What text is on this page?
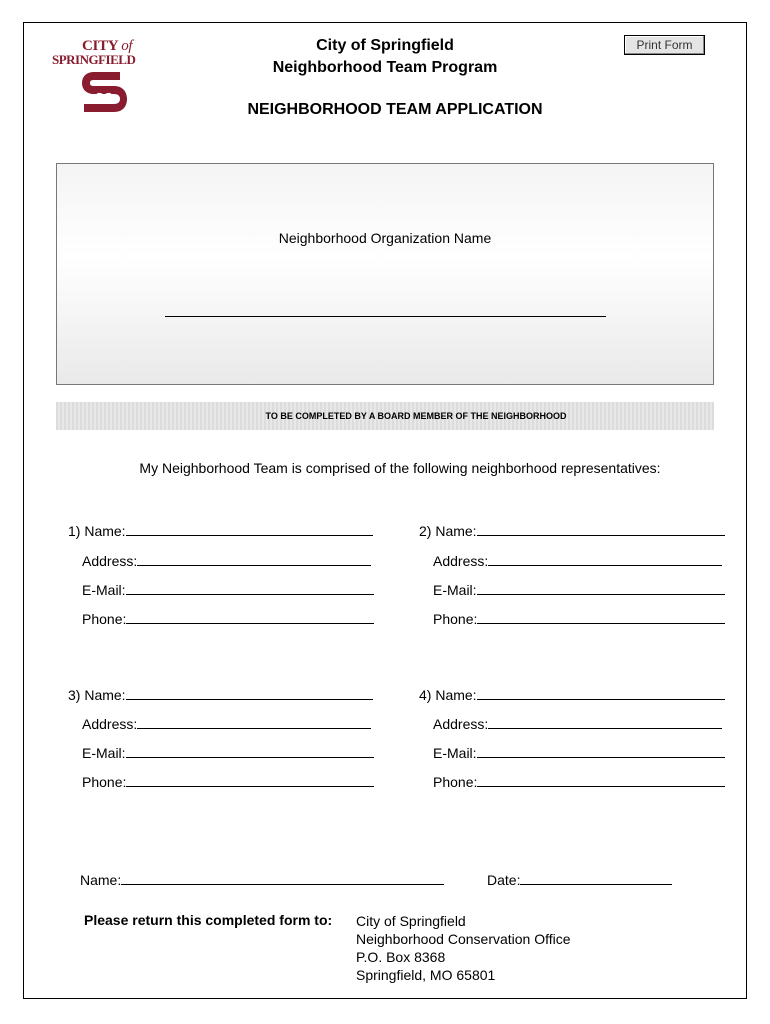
CITY of
SPRINGFIELD
City of Springfield
Neighborhood Team Program
NEIGHBORHOOD TEAM APPLICATION
Print Form
Neighborhood Organization Name
TO BE COMPLETED BY A BOARD MEMBER OF THE NEIGHBORHOOD
My Neighborhood Team is comprised of the following neighborhood representatives:
1) Name:
Address:
E-Mail:
Phone:
2) Name:
Address:
E-Mail:
Phone:
3) Name:
Address:
E-Mail:
Phone:
4) Name:
Address:
E-Mail:
Phone:
Name:	Date:
Please return this completed form to: City of Springfield
Neighborhood Conservation Office
P.O. Box 8368
Springfield, MO 65801
